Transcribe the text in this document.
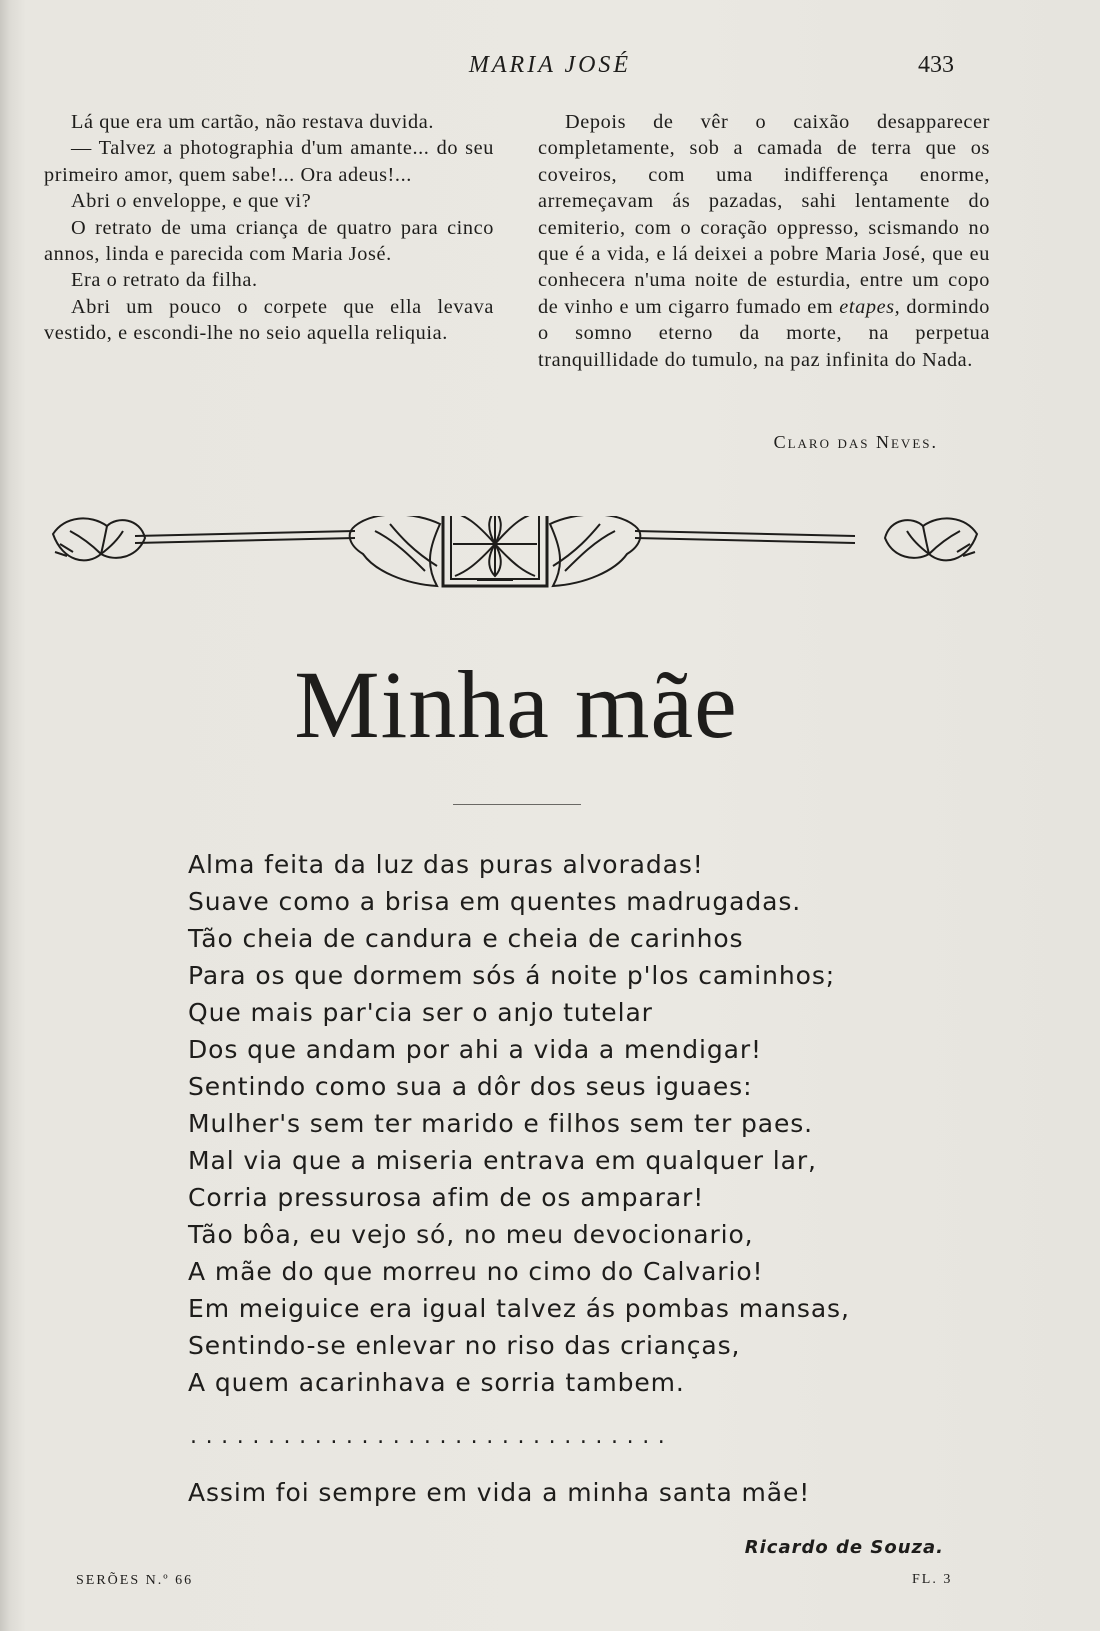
MARIA JOSÉ	433

Lá que era um cartão, não restava duvida.

— Talvez a photographia d'um amante... do seu primeiro amor, quem sabe!... Ora adeus!...

Abri o enveloppe, e que vi?

O retrato de uma criança de quatro para cinco annos, linda e parecida com Maria José.

Era o retrato da filha.

Abri um pouco o corpete que ella levava vestido, e escondi-lhe no seio aquella reliquia.

Depois de vêr o caixão desapparecer completamente, sob a camada de terra que os coveiros, com uma indifferença enorme, arremeçavam ás pazadas, sahi lentamente do cemiterio, com o coração oppresso, scismando no que é a vida, e lá deixei a pobre Maria José, que eu conhecera n'uma noite de esturdia, entre um copo de vinho e um cigarro fumado em etapes, dormindo o somno eterno da morte, na perpetua tranquillidade do tumulo, na paz infinita do Nada.

Claro das Neves.
Minha mãe
Alma feita da luz das puras alvoradas!
Suave como a brisa em quentes madrugadas.
Tão cheia de candura e cheia de carinhos
Para os que dormem sós á noite p'los caminhos;
Que mais par'cia ser o anjo tutelar
Dos que andam por ahi a vida a mendigar!
Sentindo como sua a dôr dos seus iguaes:
Mulher's sem ter marido e filhos sem ter paes.
Mal via que a miseria entrava em qualquer lar,
Corria pressurosa afim de os amparar!
Tão bôa, eu vejo só, no meu devocionario,
A mãe do que morreu no cimo do Calvario!
Em meiguice era igual talvez ás pombas mansas,
Sentindo-se enlevar no riso das crianças,
A quem acarinhava e sorria tambem.
...............................
Assim foi sempre em vida a minha santa mãe!
Ricardo de Souza.
SERÕES N.º 66	FL. 3
